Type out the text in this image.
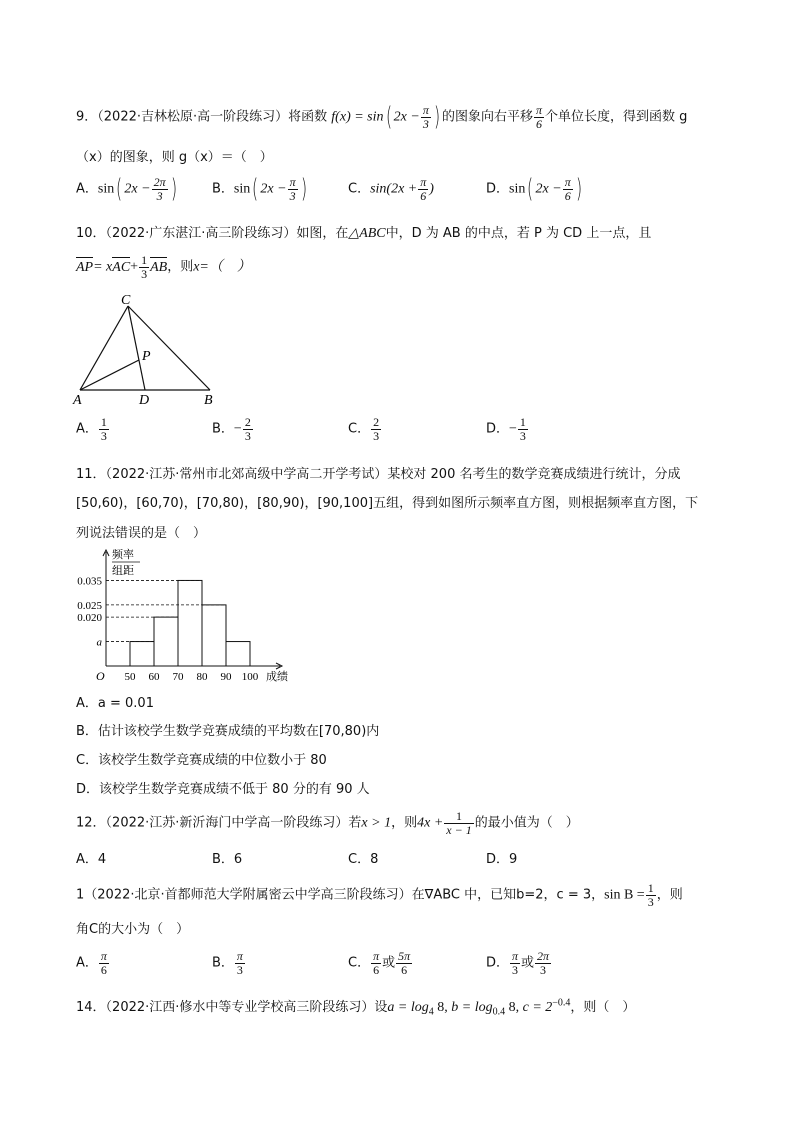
9．（2022·吉林松原·高一阶段练习）将函数 f(x) = sin( $2x - \frac{\pi}{3}$ ) 的图象向右平移 $\frac{\pi}{6}$ 个单位长度，得到函数 g
（x）的图象，则 g（x）＝（　）
A．sin( $2x - \frac{2\pi}{3}$ )	B．sin( $2x - \frac{\pi}{3}$ )	C．$\sin(2x + \frac{\pi}{6}$ )	D．sin( $2x - \frac{\pi}{6}$ )
10．（2022·广东湛江·高三阶段练习）如图，在△ABC中，D 为 AB 的中点，若 P 为 CD 上一点，且
$AP= xAC+ \frac{1}{3}$ AB，则x=（　）
C
P
A	D	B
A． $\frac{1}{3}$	B．− $\frac{2}{3}$	C． $\frac{2}{3}$	D．− $\frac{1}{3}$
11．（2022·江苏·常州市北郊高级中学高二开学考试）某校对 200 名考生的数学竞赛成绩进行统计，分成
[50,60)，[60,70)，[70,80)，[80,90)，[90,100]五组，得到如图所示频率直方图，则根据频率直方图，下
列说法错误的是（　）
频率
组距
a
0.020
0.025
0.035
50 60 70 80 90 100
O	成绩
A．a = 0.01
B．估计该校学生数学竞赛成绩的平均数在[70,80)内
C．该校学生数学竞赛成绩的中位数小于 80
D．该校学生数学竞赛成绩不低于 80 分的有 90 人
12．（2022·江苏·新沂海门中学高一阶段练习）若x > 1，则$4x + \frac{1}{x - 1}$ 的最小值为（　）
A．4	B．6	C．8	D．9
1（2022·北京·首都师范大学附属密云中学高三阶段练习）在∇ABC 中，已知b=2，c = 3，$\sin B = \frac{1}{3}$ ，则
角C的大小为（　）
A． $\frac{\pi}{6}$	B． $\frac{\pi}{3}$	C． $\frac{\pi}{6}$ 或 $\frac{5\pi}{6}$	D． $\frac{\pi}{3}$ 或 $\frac{2\pi}{3}$
14．（2022·江西·修水中等专业学校高三阶段练习）设$a = \log_4 8$, $b = \log_{0.4} 8$, $c = 2^{-0.4}$，则（　）
